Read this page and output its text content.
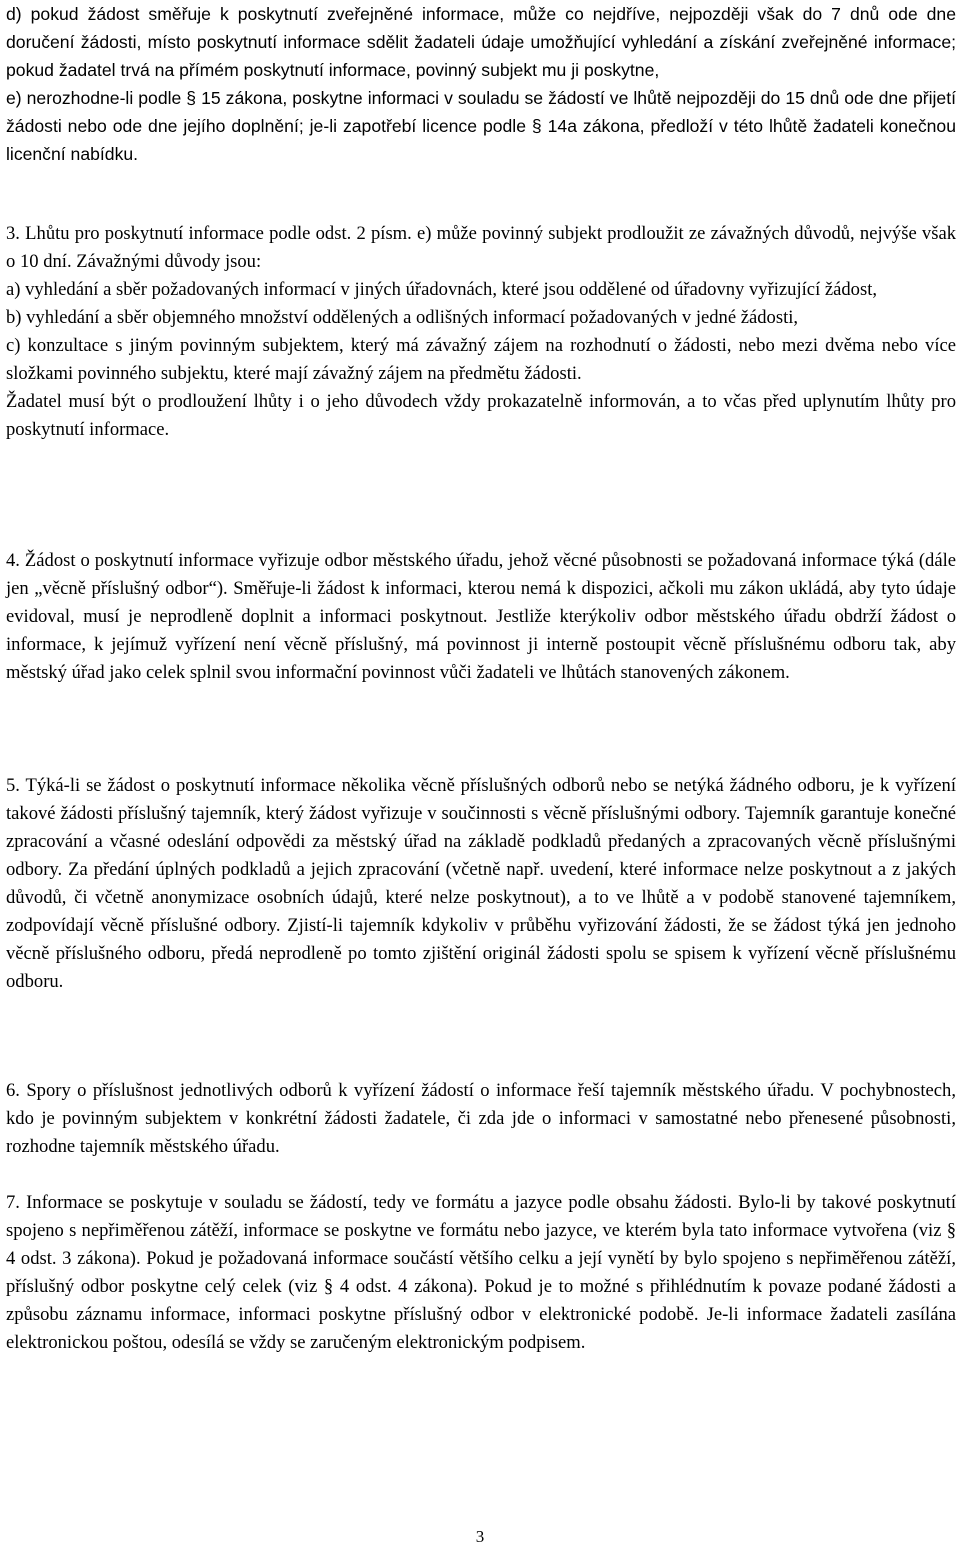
d) pokud žádost směřuje k poskytnutí zveřejněné informace, může co nejdříve, nejpozději však do 7 dnů ode dne doručení žádosti, místo poskytnutí informace sdělit žadateli údaje umožňující vyhledání a získání zveřejněné informace; pokud žadatel trvá na přímém poskytnutí informace, povinný subjekt mu ji poskytne,

e) nerozhodne-li podle § 15 zákona, poskytne informaci v souladu se žádostí ve lhůtě nejpozději do 15 dnů ode dne přijetí žádosti nebo ode dne jejího doplnění; je-li zapotřebí licence podle § 14a zákona, předloží v této lhůtě žadateli konečnou licenční nabídku.

3. Lhůtu pro poskytnutí informace podle odst. 2 písm. e) může povinný subjekt prodloužit ze závažných důvodů, nejvýše však o 10 dní. Závažnými důvody jsou:

a) vyhledání a sběr požadovaných informací v jiných úřadovnách, které jsou oddělené od úřadovny vyřizující žádost,

b) vyhledání a sběr objemného množství oddělených a odlišných informací požadovaných v jedné žádosti,

c) konzultace s jiným povinným subjektem, který má závažný zájem na rozhodnutí o žádosti, nebo mezi dvěma nebo více složkami povinného subjektu, které mají závažný zájem na předmětu žádosti.

Žadatel musí být o prodloužení lhůty i o jeho důvodech vždy prokazatelně informován, a to včas před uplynutím lhůty pro poskytnutí informace.

4. Žádost o poskytnutí informace vyřizuje odbor městského úřadu, jehož věcné působnosti se požadovaná informace týká (dále jen „věcně příslušný odbor“). Směřuje-li žádost k informaci, kterou nemá k dispozici, ačkoli mu zákon ukládá, aby tyto údaje evidoval, musí je neprodleně doplnit a informaci poskytnout. Jestliže kterýkoliv odbor městského úřadu obdrží žádost o informace, k jejímuž vyřízení není věcně příslušný, má povinnost ji interně postoupit věcně příslušnému odboru tak, aby městský úřad jako celek splnil svou informační povinnost vůči žadateli ve lhůtách stanovených zákonem.

5. Týká-li se žádost o poskytnutí informace několika věcně příslušných odborů nebo se netýká žádného odboru, je k vyřízení takové žádosti příslušný tajemník, který žádost vyřizuje v součinnosti s věcně příslušnými odbory. Tajemník garantuje konečné zpracování a včasné odeslání odpovědi za městský úřad na základě podkladů předaných a zpracovaných věcně příslušnými odbory. Za předání úplných podkladů a jejich zpracování (včetně např. uvedení, které informace nelze poskytnout a z jakých důvodů, či včetně anonymizace osobních údajů, které nelze poskytnout), a to ve lhůtě a v podobě stanovené tajemníkem, zodpovídají věcně příslušné odbory. Zjistí-li tajemník kdykoliv v průběhu vyřizování žádosti, že se žádost týká jen jednoho věcně příslušného odboru, předá neprodleně po tomto zjištění originál žádosti spolu se spisem k vyřízení věcně příslušnému odboru.

6. Spory o příslušnost jednotlivých odborů k vyřízení žádostí o informace řeší tajemník městského úřadu. V pochybnostech, kdo je povinným subjektem v konkrétní žádosti žadatele, či zda jde o informaci v samostatné nebo přenesené působnosti, rozhodne tajemník městského úřadu.

7. Informace se poskytuje v souladu se žádostí, tedy ve formátu a jazyce podle obsahu žádosti. Bylo-li by takové poskytnutí spojeno s nepřiměřenou zátěží, informace se poskytne ve formátu nebo jazyce, ve kterém byla tato informace vytvořena (viz § 4 odst. 3 zákona). Pokud je požadovaná informace součástí většího celku a její vynětí by bylo spojeno s nepřiměřenou zátěží, příslušný odbor poskytne celý celek (viz § 4 odst. 4 zákona). Pokud je to možné s přihlédnutím k povaze podané žádosti a způsobu záznamu informace, informaci poskytne příslušný odbor v elektronické podobě. Je-li informace žadateli zasílána elektronickou poštou, odesílá se vždy se zaručeným elektronickým podpisem.

3
